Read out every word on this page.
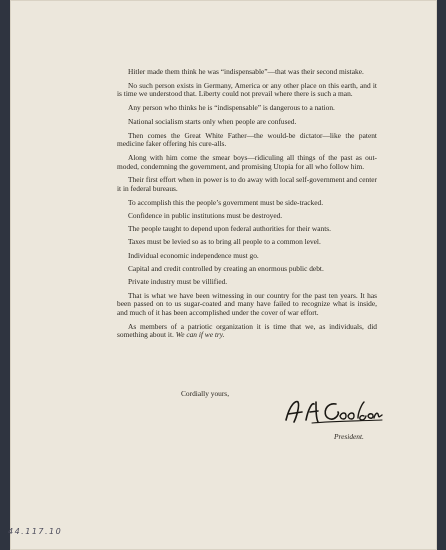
Hitler made them think he was “indispensable”—that was their second mistake.

No such person exists in Germany, America or any other place on this earth, and it is time we understood that. Liberty could not prevail where there is such a man.

Any person who thinks he is “indispensable” is dangerous to a nation.

National socialism starts only when people are confused.

Then comes the Great White Father—the would-be dictator—like the patent medicine faker offering his cure-alls.

Along with him come the smear boys—ridiculing all things of the past as out-moded, condemning the government, and promising Utopia for all who follow him.

Their first effort when in power is to do away with local self-government and center it in federal bureaus.

To accomplish this the people’s government must be side-tracked.

Confidence in public institutions must be destroyed.

The people taught to depend upon federal authorities for their wants.

Taxes must be levied so as to bring all people to a common level.

Individual economic independence must go.

Capital and credit controlled by creating an enormous public debt.

Private industry must be villified.

That is what we have been witnessing in our country for the past ten years. It has been passed on to us sugar-coated and many have failed to recognize what is inside, and much of it has been accomplished under the cover of war effort.

As members of a patriotic organization it is time that we, as individuals, did something about it. We can if we try.

Cordially yours,
President.
44.117.10
